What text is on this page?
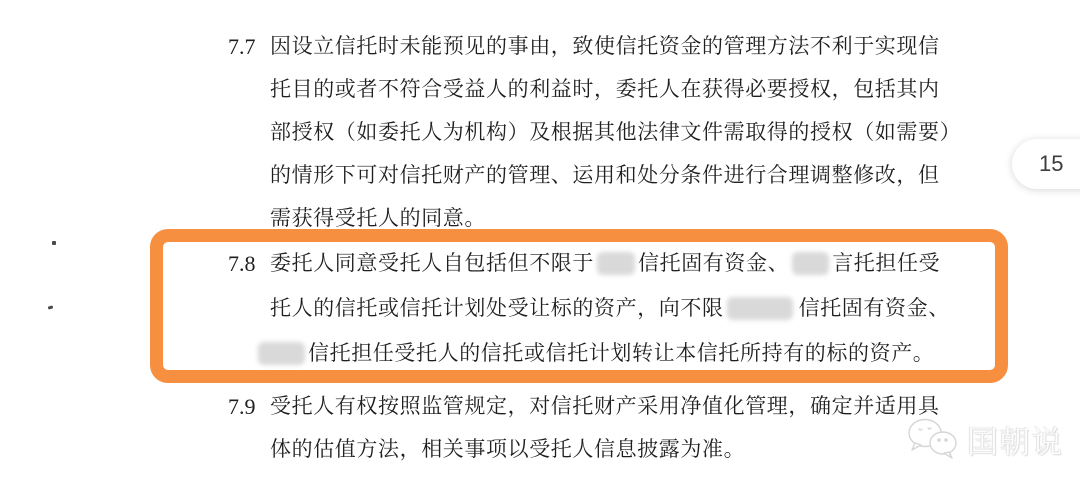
7.7 因设立信托时未能预见的事由，致使信托资金的管理方法不利于实现信
托目的或者不符合受益人的利益时，委托人在获得必要授权，包括其内
部授权（如委托人为机构）及根据其他法律文件需取得的授权（如需要）
的情形下可对信托财产的管理、运用和处分条件进行合理调整修改，但
需获得受托人的同意。
7.8 委托人同意受托人自包括但不限于 信托固有资金、 言托担任受
托人的信托或信托计划处受让标的资产，向不限	信托固有资金、
信托担任受托人的信托或信托计划转让本信托所持有的标的资产。
7.9 受托人有权按照监管规定，对信托财产采用净值化管理，确定并适用具
体的估值方法，相关事项以受托人信息披露为准。
15
国朝说
